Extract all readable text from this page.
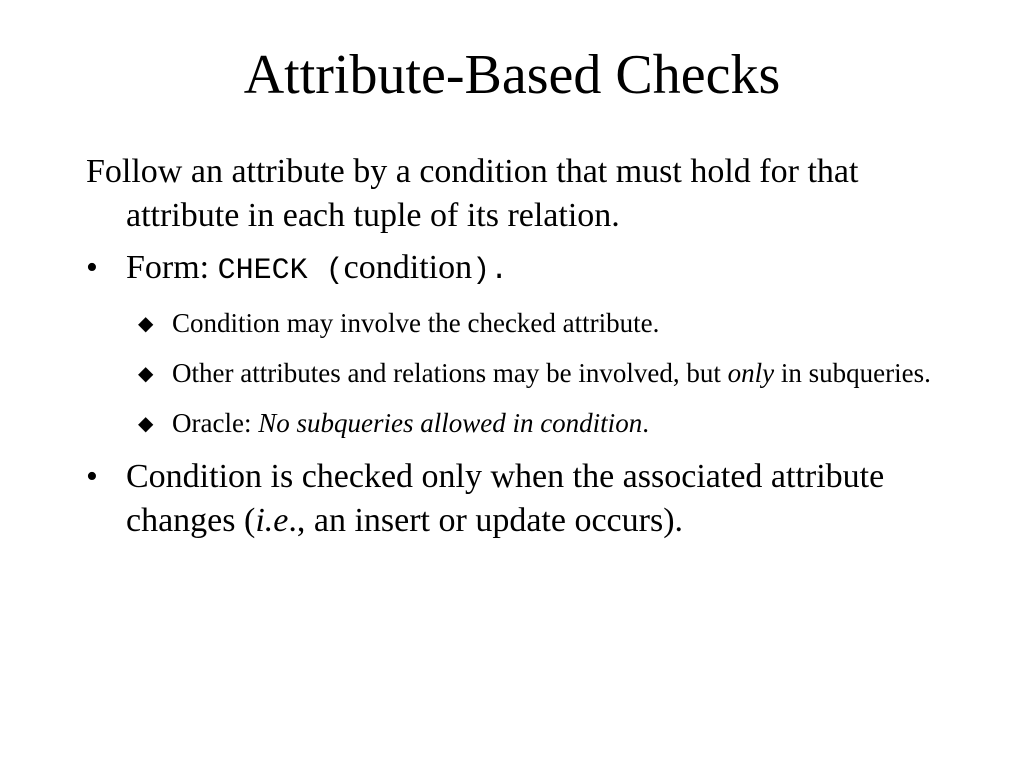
Attribute-Based Checks

Follow an attribute by a condition that must hold for that attribute in each tuple of its relation.

• Form: CHECK (condition).
◆ Condition may involve the checked attribute.
◆ Other attributes and relations may be involved, but only in subqueries.
◆ Oracle: No subqueries allowed in condition.
• Condition is checked only when the associated attribute changes (i.e., an insert or update occurs).
